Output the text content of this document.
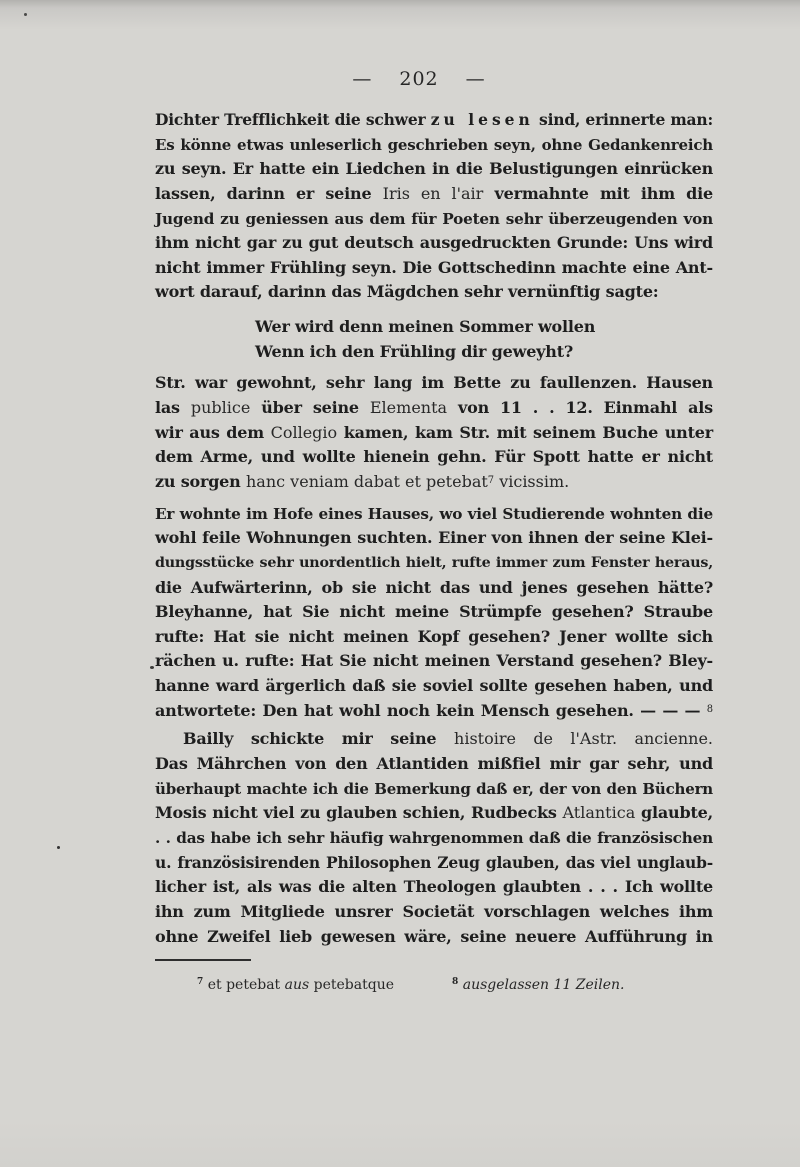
— 202 —
Dichter Trefflichkeit die schwer zu lesen sind, erinnerte man:
Es könne etwas unleserlich geschrieben seyn, ohne Gedankenreich
zu seyn. Er hatte ein Liedchen in die Belustigungen einrücken
lassen, darinn er seine Iris en l'air vermahnte mit ihm die
Jugend zu geniessen aus dem für Poeten sehr überzeugenden von
ihm nicht gar zu gut deutsch ausgedruckten Grunde: Uns wird
nicht immer Frühling seyn. Die Gottschedinn machte eine Ant-
wort darauf, darinn das Mägdchen sehr vernünftig sagte:
Wer wird denn meinen Sommer wollen
Wenn ich den Frühling dir geweyht?
Str. war gewohnt, sehr lang im Bette zu faullenzen. Hausen
las publice über seine Elementa von 11 . . 12. Einmahl als
wir aus dem Collegio kamen, kam Str. mit seinem Buche unter
dem Arme, und wollte hienein gehn. Für Spott hatte er nicht
zu sorgen hanc veniam dabat et petebat$^7$ vicissim.
Er wohnte im Hofe eines Hauses, wo viel Studierende wohnten die
wohl feile Wohnungen suchten. Einer von ihnen der seine Klei-
dungsstücke sehr unordentlich hielt, rufte immer zum Fenster heraus,
die Aufwärterinn, ob sie nicht das und jenes gesehen hätte?
Bleyhanne, hat Sie nicht meine Strümpfe gesehen? Straube
rufte: Hat sie nicht meinen Kopf gesehen? Jener wollte sich
rächen u. rufte: Hat Sie nicht meinen Verstand gesehen? Bley-
hanne ward ärgerlich daß sie soviel sollte gesehen haben, und
antwortete: Den hat wohl noch kein Mensch gesehen. — — — $^8$
Bailly schickte mir seine histoire de l'Astr. ancienne.
Das Mährchen von den Atlantiden mißfiel mir gar sehr, und
überhaupt machte ich die Bemerkung daß er, der von den Büchern
Mosis nicht viel zu glauben schien, Rudbecks Atlantica glaubte,
. . das habe ich sehr häufig wahrgenommen daß die französischen
u. französisirenden Philosophen Zeug glauben, das viel unglaub-
licher ist, als was die alten Theologen glaubten . . . Ich wollte
ihn zum Mitgliede unsrer Societät vorschlagen welches ihm
ohne Zweifel lieb gewesen wäre, seine neuere Aufführung in
$^7$ et petebat aus petebatque	$^8$ ausgelassen 11 Zeilen.
